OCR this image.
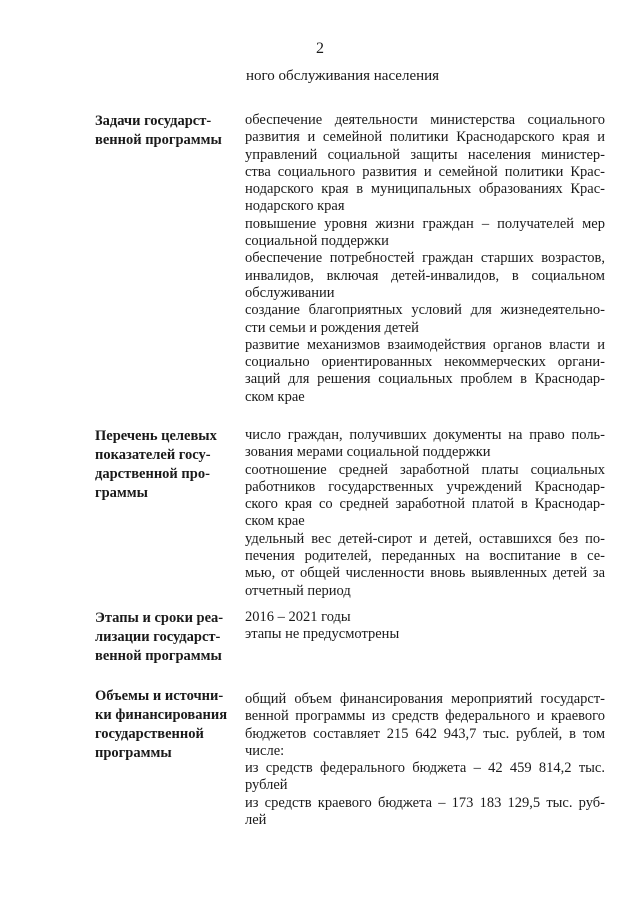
2
ного обслуживания населения
Задачи государст-
венной программы
обеспечение деятельности министерства социального
развития и семейной политики Краснодарского края и
управлений социальной защиты населения министер-
ства социального развития и семейной политики Крас-
нодарского края в муниципальных образованиях Крас-
нодарского края
повышение уровня жизни граждан – получателей мер
социальной поддержки
обеспечение потребностей граждан старших возрастов,
инвалидов, включая детей-инвалидов, в социальном
обслуживании
создание благоприятных условий для жизнедеятельно-
сти семьи и рождения детей
развитие механизмов взаимодействия органов власти и
социально ориентированных некоммерческих органи-
заций для решения социальных проблем в Краснодар-
ском крае
Перечень целевых
показателей госу-
дарственной про-
граммы
число граждан, получивших документы на право поль-
зования мерами социальной поддержки
соотношение средней заработной платы социальных
работников государственных учреждений Краснодар-
ского края со средней заработной платой в Краснодар-
ском крае
удельный вес детей-сирот и детей, оставшихся без по-
печения родителей, переданных на воспитание в се-
мью, от общей численности вновь выявленных детей за
отчетный период
Этапы и сроки реа-
лизации государст-
венной программы
2016 – 2021 годы
этапы не предусмотрены
Объемы и источни-
ки финансирования
государственной
программы
общий объем финансирования мероприятий государст-
венной программы из средств федерального и краевого
бюджетов составляет 215 642 943,7 тыс. рублей, в том
числе:
из средств федерального бюджета – 42 459 814,2 тыс.
рублей
из средств краевого бюджета – 173 183 129,5 тыс. руб-
лей
